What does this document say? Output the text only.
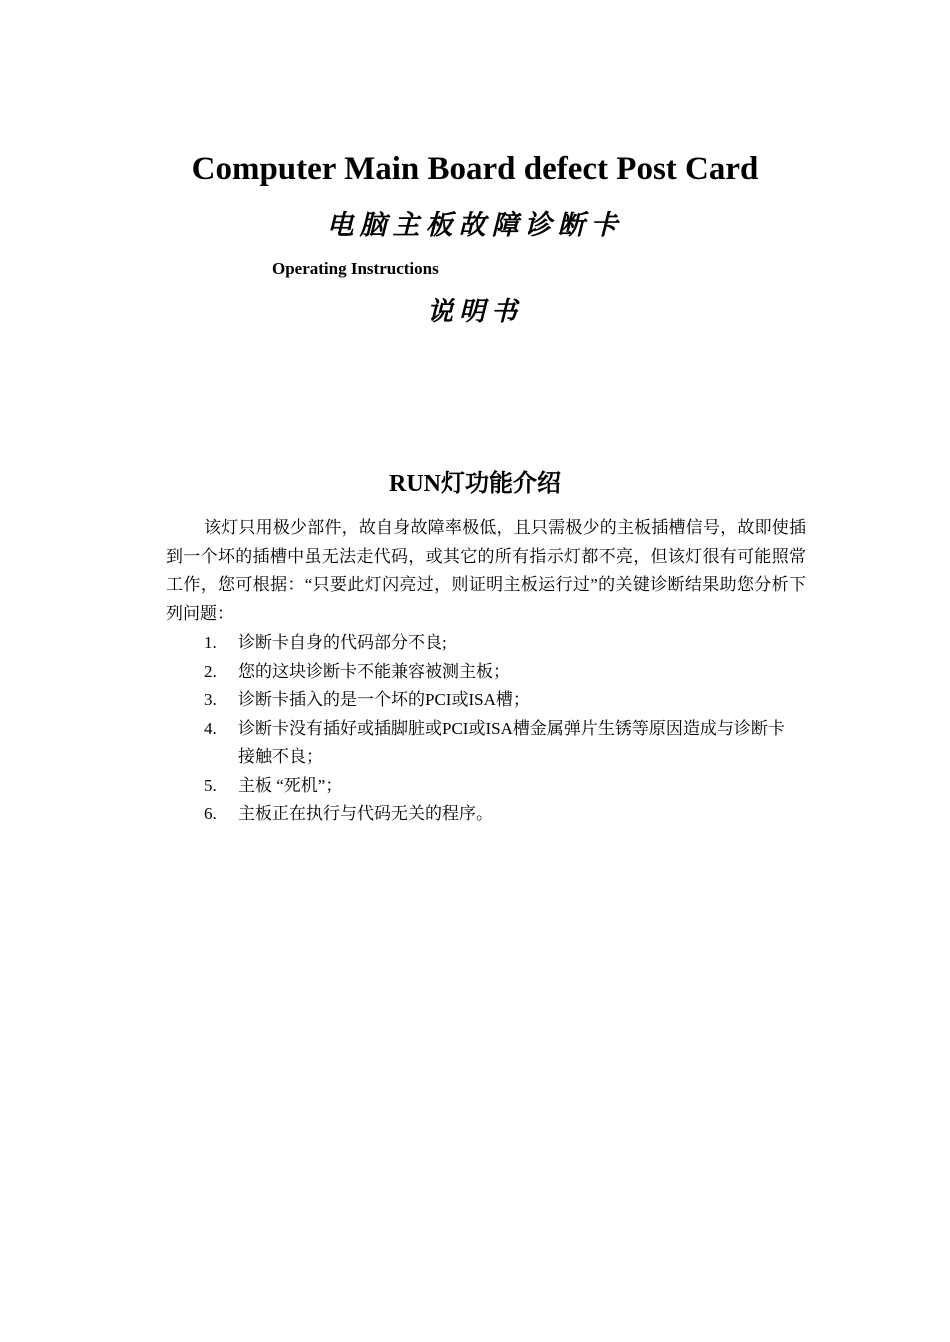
Computer Main Board defect Post Card
电脑主板故障诊断卡
Operating Instructions
说明书
RUN灯功能介绍

该灯只用极少部件，故自身故障率极低，且只需极少的主板插槽信号，故即使插到一个坏的插槽中虽无法走代码，或其它的所有指示灯都不亮，但该灯很有可能照常工作，您可根据：“只要此灯闪亮过，则证明主板运行过”的关键诊断结果助您分析下列问题：

1.	诊断卡自身的代码部分不良;
2.	您的这块诊断卡不能兼容被测主板；
3.	诊断卡插入的是一个坏的PCI或ISA槽；
4.	诊断卡没有插好或插脚脏或PCI或ISA槽金属弹片生锈等原因造成与诊断卡接触不良；
5.	主板 “死机”；
6.	主板正在执行与代码无关的程序。
